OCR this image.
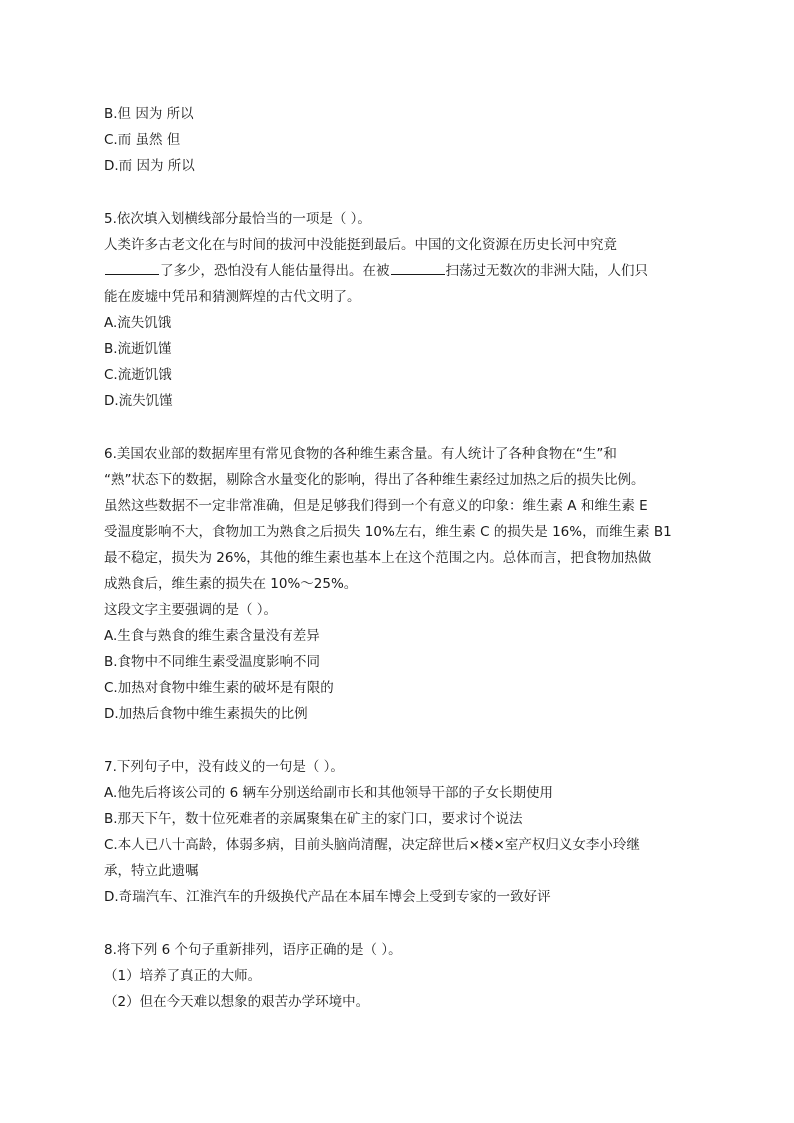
B.但 因为 所以
C.而 虽然 但
D.而 因为 所以
5.依次填入划横线部分最恰当的一项是（ ）。
人类许多古老文化在与时间的拔河中没能挺到最后。中国的文化资源在历史长河中究竟
了多少，恐怕没有人能估量得出。在被	扫荡过无数次的非洲大陆，人们只
能在废墟中凭吊和猜测辉煌的古代文明了。
A.流失饥饿
B.流逝饥馑
C.流逝饥饿
D.流失饥馑
6.美国农业部的数据库里有常见食物的各种维生素含量。有人统计了各种食物在“生”和
“熟”状态下的数据，剔除含水量变化的影响，得出了各种维生素经过加热之后的损失比例。
虽然这些数据不一定非常准确，但是足够我们得到一个有意义的印象：维生素 A 和维生素 E
受温度影响不大，食物加工为熟食之后损失 10%左右，维生素 C 的损失是 16%，而维生素 B1
最不稳定，损失为 26%，其他的维生素也基本上在这个范围之内。总体而言，把食物加热做
成熟食后，维生素的损失在 10%～25%。
这段文字主要强调的是（ ）。
A.生食与熟食的维生素含量没有差异
B.食物中不同维生素受温度影响不同
C.加热对食物中维生素的破坏是有限的
D.加热后食物中维生素损失的比例
7.下列句子中，没有歧义的一句是（ ）。
A.他先后将该公司的 6 辆车分别送给副市长和其他领导干部的子女长期使用
B.那天下午，数十位死难者的亲属聚集在矿主的家门口，要求讨个说法
C.本人已八十高龄，体弱多病，目前头脑尚清醒，决定辞世后×楼×室产权归义女李小玲继
承，特立此遗嘱
D.奇瑞汽车、江淮汽车的升级换代产品在本届车博会上受到专家的一致好评
8.将下列 6 个句子重新排列，语序正确的是（ ）。
（1）培养了真正的大师。
（2）但在今天难以想象的艰苦办学环境中。
